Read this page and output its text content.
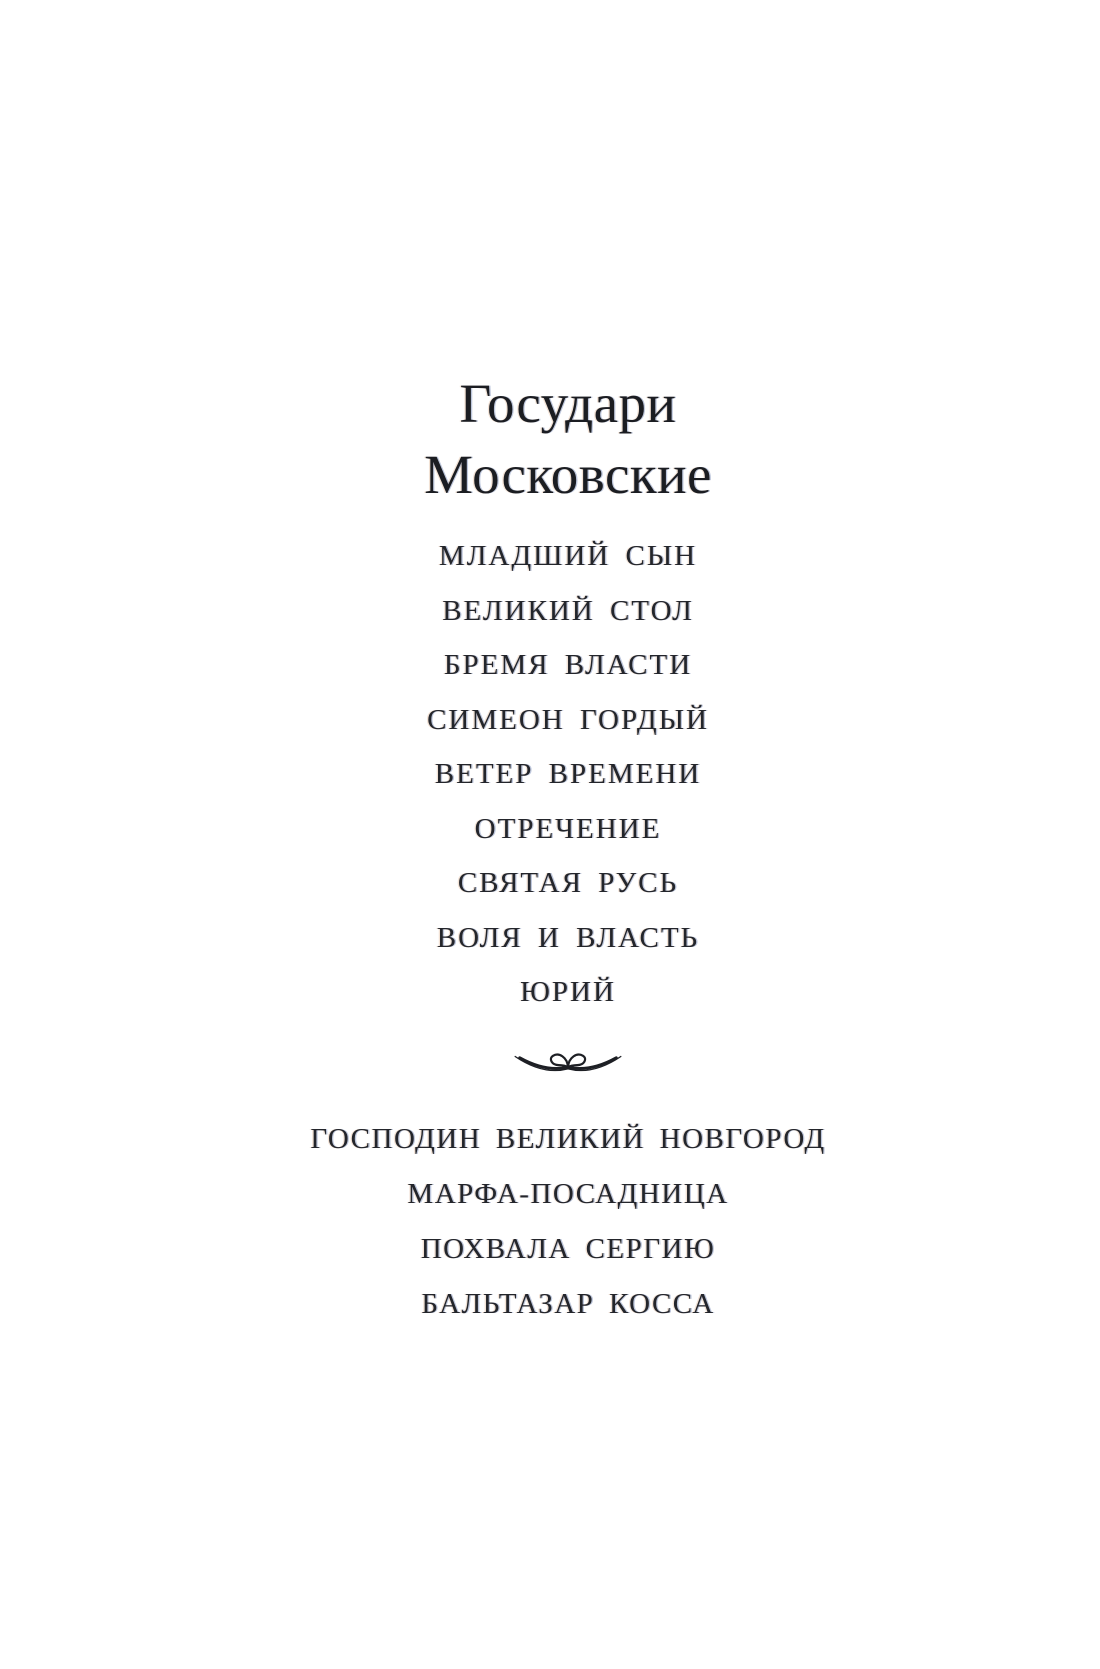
Государи
Московские
МЛАДШИЙ СЫН
ВЕЛИКИЙ СТОЛ
БРЕМЯ ВЛАСТИ
СИМЕОН ГОРДЫЙ
ВЕТЕР ВРЕМЕНИ
ОТРЕЧЕНИЕ
СВЯТАЯ РУСЬ
ВОЛЯ И ВЛАСТЬ
ЮРИЙ
ГОСПОДИН ВЕЛИКИЙ НОВГОРОД
МАРФА-ПОСАДНИЦА
ПОХВАЛА СЕРГИЮ
БАЛЬТАЗАР КОССА
